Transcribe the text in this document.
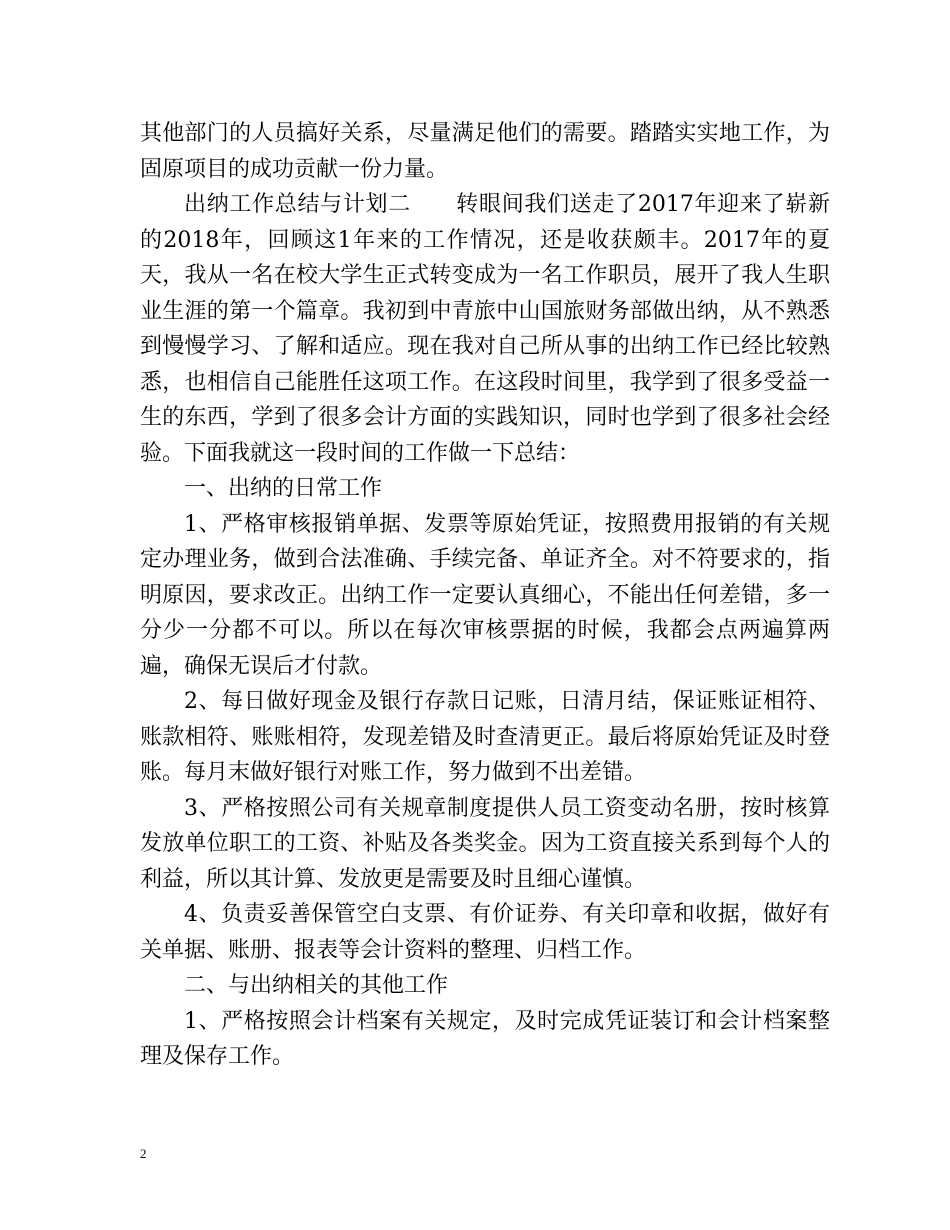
其他部门的人员搞好关系，尽量满足他们的需要。踏踏实实地工作，为固原项目的成功贡献一份力量。

出纳工作总结与计划二　　转眼间我们送走了2017年迎来了崭新的2018年，回顾这1年来的工作情况，还是收获颇丰。2017年的夏天，我从一名在校大学生正式转变成为一名工作职员，展开了我人生职业生涯的第一个篇章。我初到中青旅中山国旅财务部做出纳，从不熟悉到慢慢学习、了解和适应。现在我对自己所从事的出纳工作已经比较熟悉，也相信自己能胜任这项工作。在这段时间里，我学到了很多受益一生的东西，学到了很多会计方面的实践知识，同时也学到了很多社会经验。下面我就这一段时间的工作做一下总结：

一、出纳的日常工作

1、严格审核报销单据、发票等原始凭证，按照费用报销的有关规定办理业务，做到合法准确、手续完备、单证齐全。对不符要求的，指明原因，要求改正。出纳工作一定要认真细心，不能出任何差错，多一分少一分都不可以。所以在每次审核票据的时候，我都会点两遍算两遍，确保无误后才付款。

2、每日做好现金及银行存款日记账，日清月结，保证账证相符、账款相符、账账相符，发现差错及时查清更正。最后将原始凭证及时登账。每月末做好银行对账工作，努力做到不出差错。

3、严格按照公司有关规章制度提供人员工资变动名册，按时核算发放单位职工的工资、补贴及各类奖金。因为工资直接关系到每个人的利益，所以其计算、发放更是需要及时且细心谨慎。

4、负责妥善保管空白支票、有价证券、有关印章和收据，做好有关单据、账册、报表等会计资料的整理、归档工作。

二、与出纳相关的其他工作

1、严格按照会计档案有关规定，及时完成凭证装订和会计档案整理及保存工作。

2
